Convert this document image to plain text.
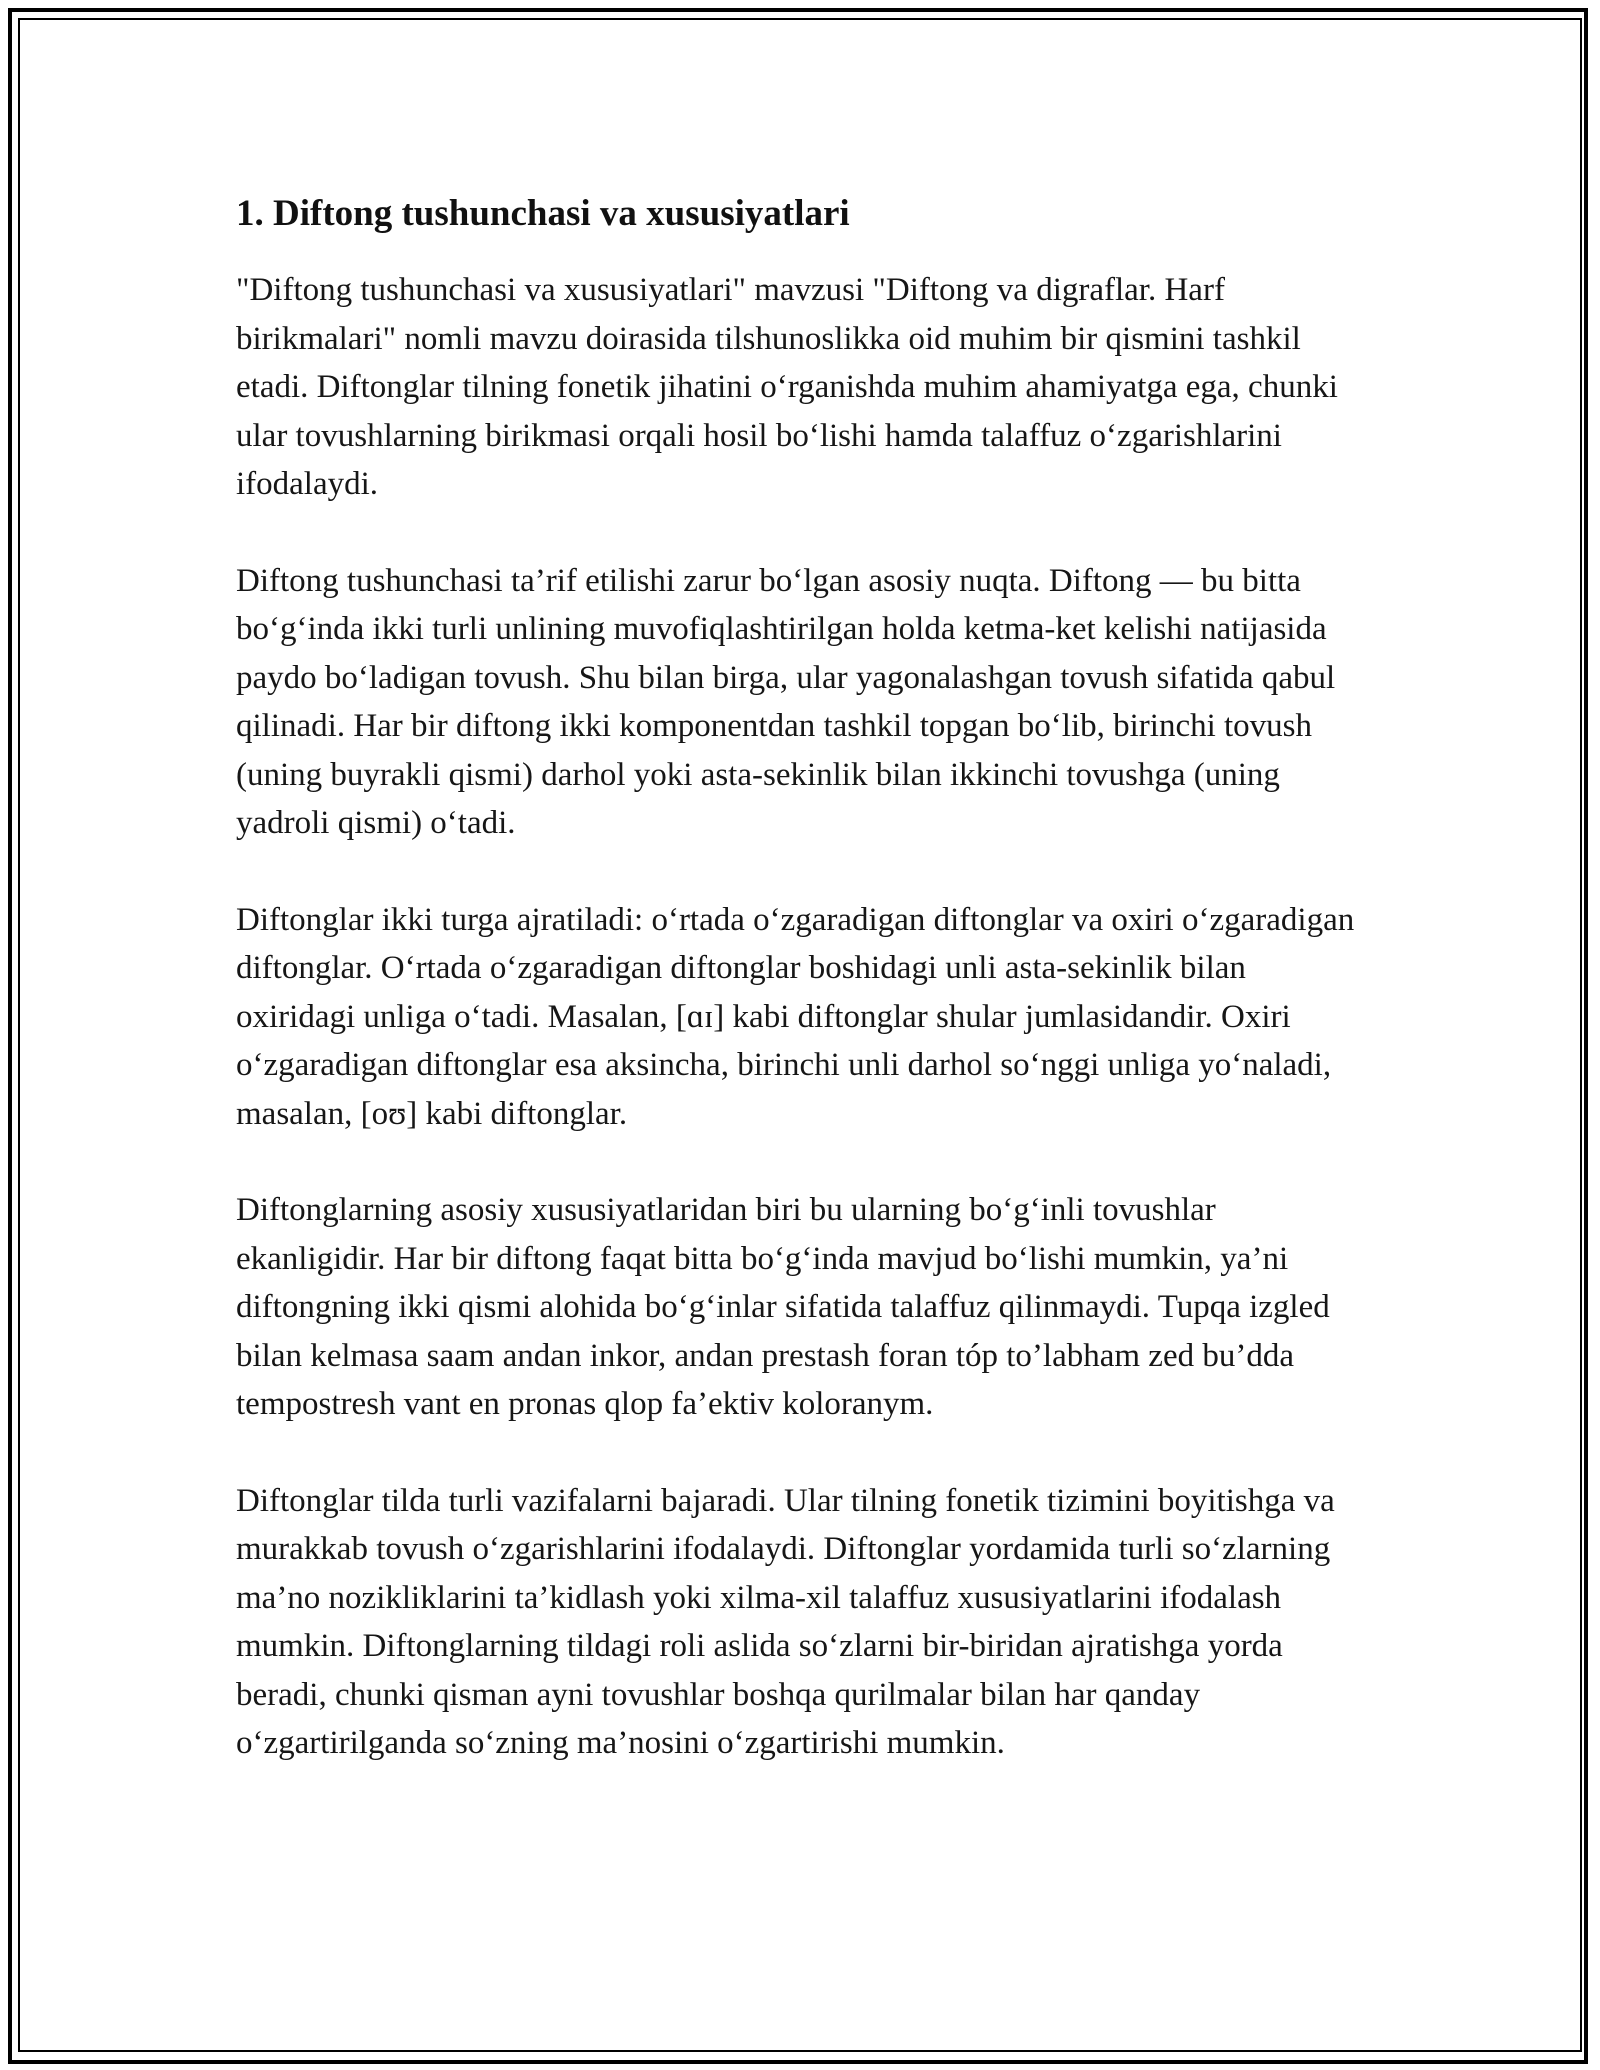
1. Diftong tushunchasi va xususiyatlari

"Diftong tushunchasi va xususiyatlari" mavzusi "Diftong va digraflar. Harf birikmalari" nomli mavzu doirasida tilshunoslikka oid muhim bir qismini tashkil etadi. Diftonglar tilning fonetik jihatini o‘rganishda muhim ahamiyatga ega, chunki ular tovushlarning birikmasi orqali hosil bo‘lishi hamda talaffuz o‘zgarishlarini ifodalaydi.

Diftong tushunchasi ta’rif etilishi zarur bo‘lgan asosiy nuqta. Diftong — bu bitta bo‘g‘inda ikki turli unlining muvofiqlashtirilgan holda ketma-ket kelishi natijasida paydo bo‘ladigan tovush. Shu bilan birga, ular yagonalashgan tovush sifatida qabul qilinadi. Har bir diftong ikki komponentdan tashkil topgan bo‘lib, birinchi tovush (uning buyrakli qismi) darhol yoki asta-sekinlik bilan ikkinchi tovushga (uning yadroli qismi) o‘tadi.

Diftonglar ikki turga ajratiladi: o‘rtada o‘zgaradigan diftonglar va oxiri o‘zgaradigan diftonglar. O‘rtada o‘zgaradigan diftonglar boshidagi unli asta-sekinlik bilan oxiridagi unliga o‘tadi. Masalan, [ɑɪ] kabi diftonglar shular jumlasidandir. Oxiri o‘zgaradigan diftonglar esa aksincha, birinchi unli darhol so‘nggi unliga yo‘naladi, masalan, [oʊ] kabi diftonglar.

Diftonglarning asosiy xususiyatlaridan biri bu ularning bo‘g‘inli tovushlar ekanligidir. Har bir diftong faqat bitta bo‘g‘inda mavjud bo‘lishi mumkin, ya’ni diftongning ikki qismi alohida bo‘g‘inlar sifatida talaffuz qilinmaydi. Tupqa izgled bilan kelmasa saam andan inkor, andan prestash foran tóp to’labham zed bu’dda tempostresh vant en pronas qlop fa’ektiv koloranym.

Diftonglar tilda turli vazifalarni bajaradi. Ular tilning fonetik tizimini boyitishga va murakkab tovush o‘zgarishlarini ifodalaydi. Diftonglar yordamida turli so‘zlarning ma’no nozikliklarini ta’kidlash yoki xilma-xil talaffuz xususiyatlarini ifodalash mumkin. Diftonglarning tildagi roli aslida so‘zlarni bir-biridan ajratishga yorda beradi, chunki qisman ayni tovushlar boshqa qurilmalar bilan har qanday o‘zgartirilganda so‘zning ma’nosini o‘zgartirishi mumkin.
